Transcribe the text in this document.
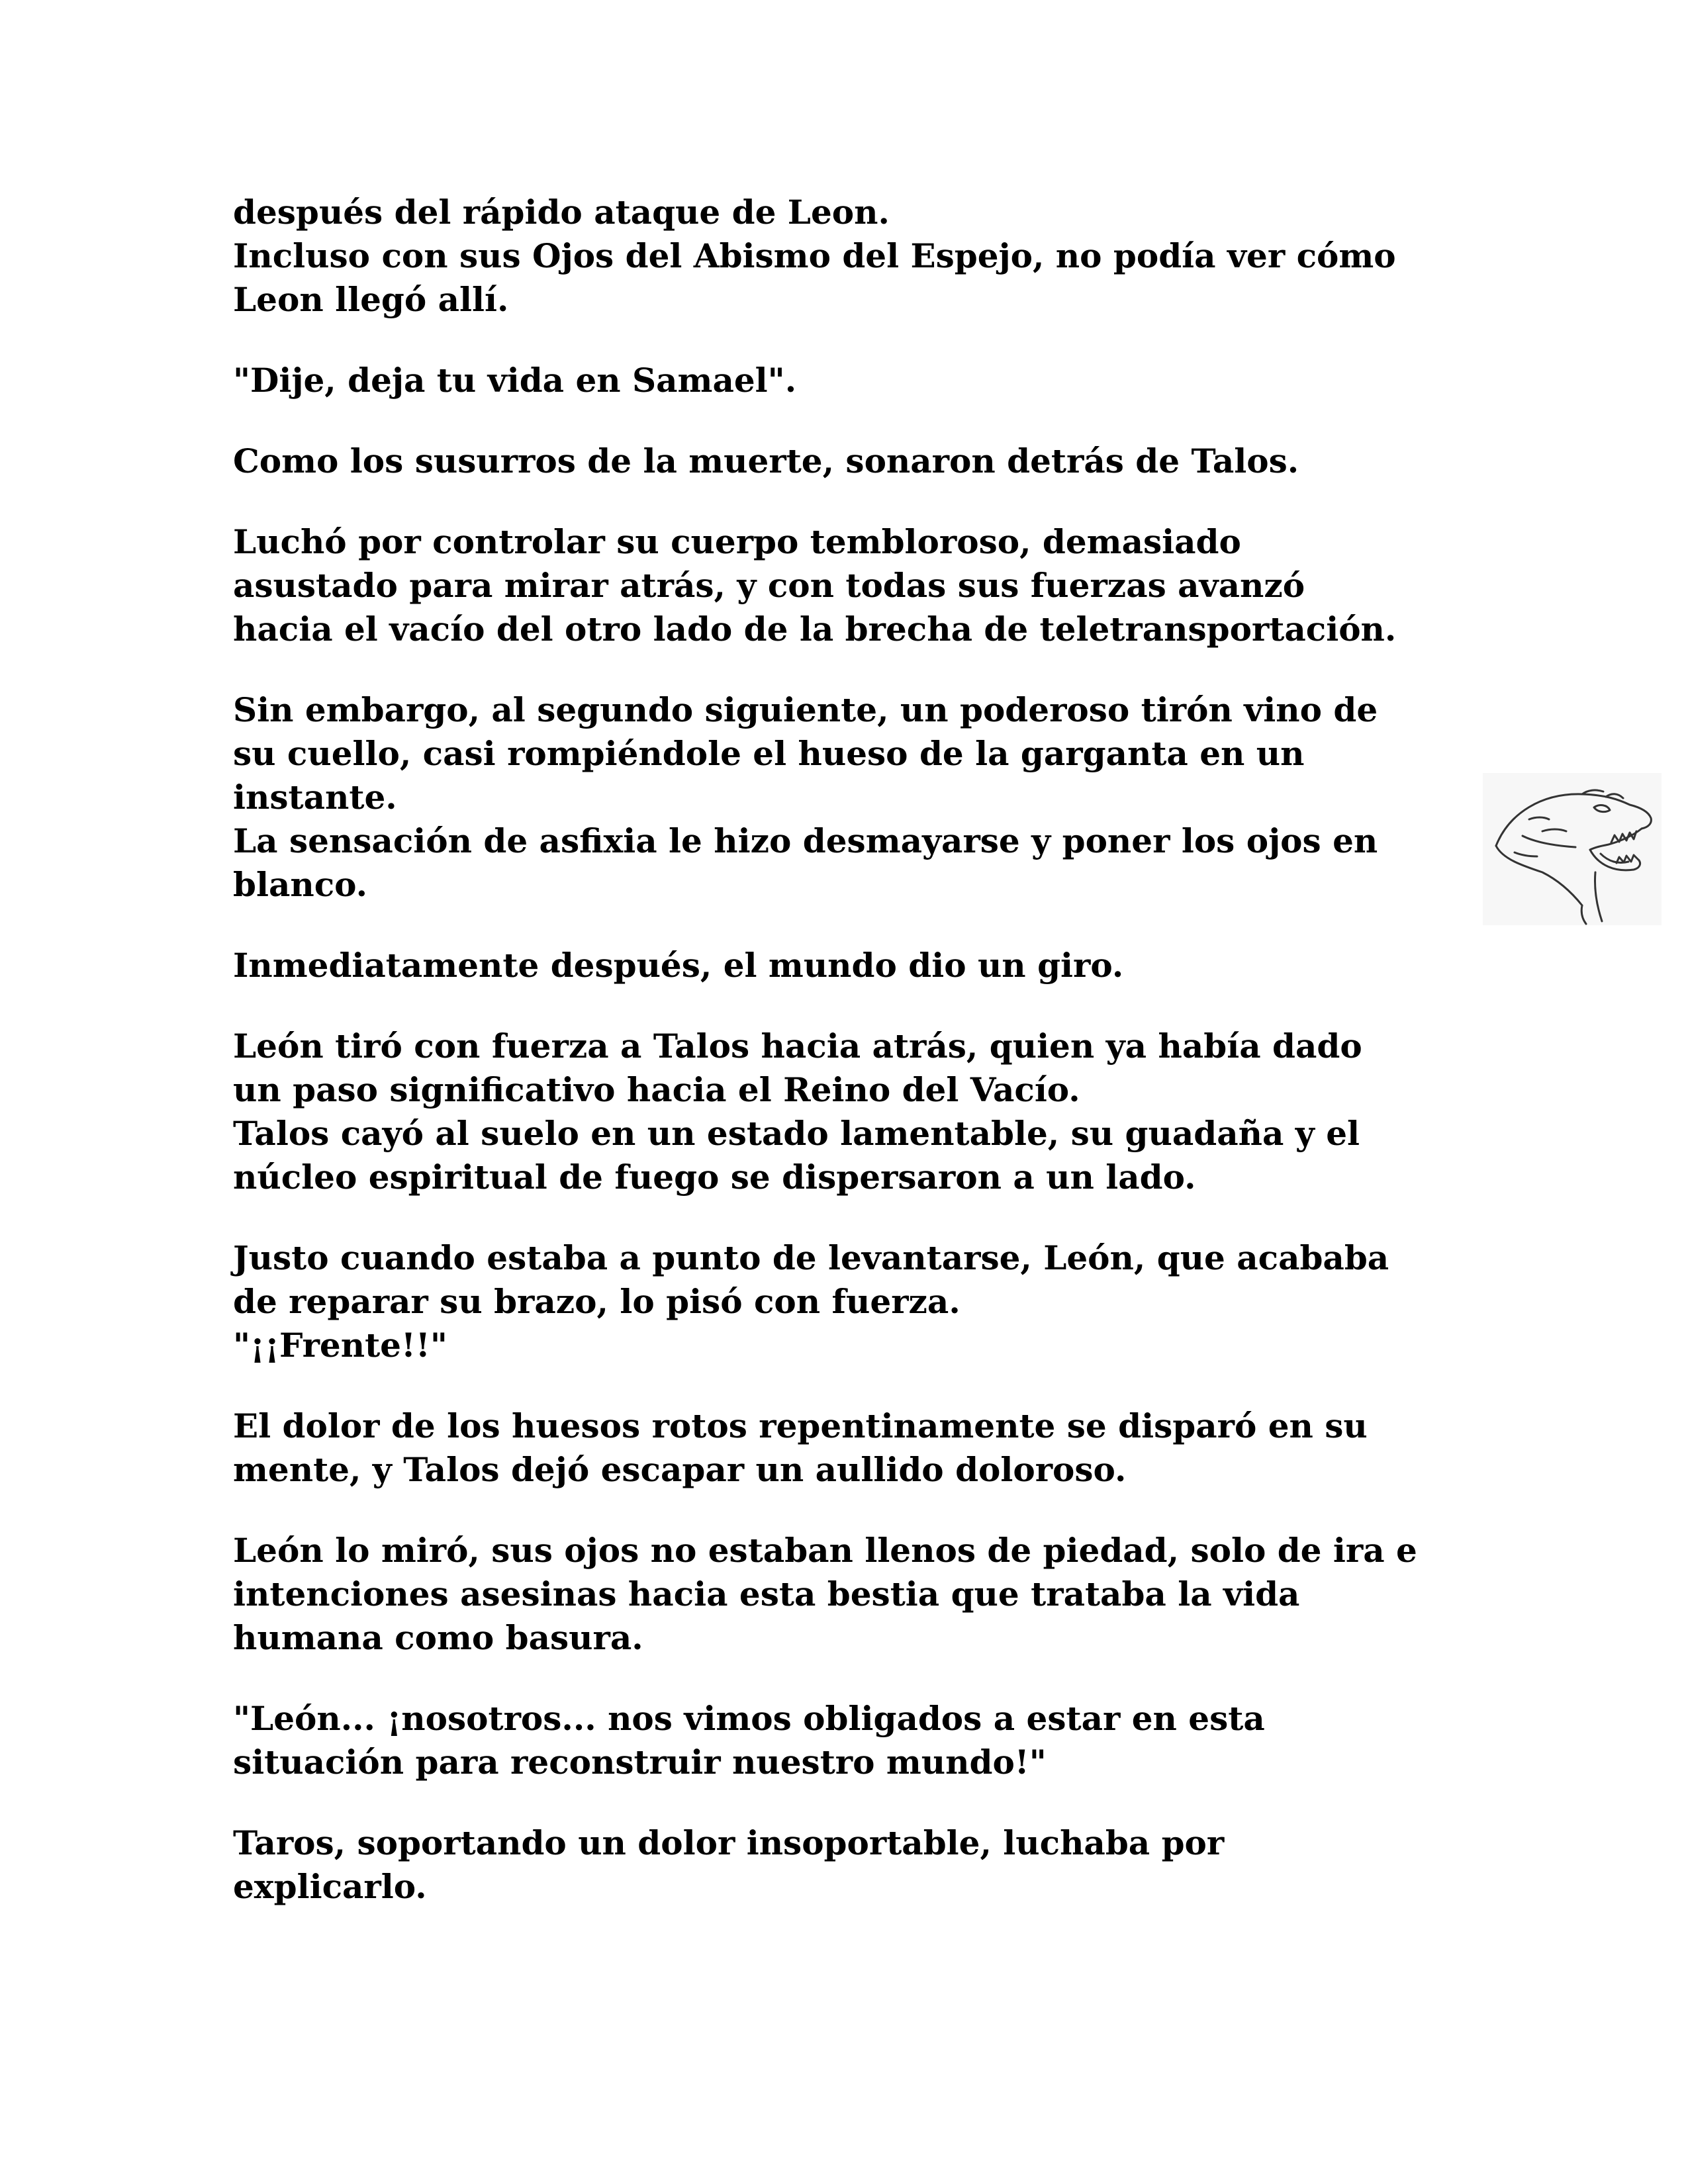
después del rápido ataque de Leon.
Incluso con sus Ojos del Abismo del Espejo, no podía ver cómo
Leon llegó allí.
"Dije, deja tu vida en Samael".
Como los susurros de la muerte, sonaron detrás de Talos.
Luchó por controlar su cuerpo tembloroso, demasiado
asustado para mirar atrás, y con todas sus fuerzas avanzó
hacia el vacío del otro lado de la brecha de teletransportación.
Sin embargo, al segundo siguiente, un poderoso tirón vino de
su cuello, casi rompiéndole el hueso de la garganta en un
instante.
La sensación de asfixia le hizo desmayarse y poner los ojos en
blanco.
Inmediatamente después, el mundo dio un giro.
León tiró con fuerza a Talos hacia atrás, quien ya había dado
un paso significativo hacia el Reino del Vacío.
Talos cayó al suelo en un estado lamentable, su guadaña y el
núcleo espiritual de fuego se dispersaron a un lado.
Justo cuando estaba a punto de levantarse, León, que acababa
de reparar su brazo, lo pisó con fuerza.
"¡¡Frente!!"
El dolor de los huesos rotos repentinamente se disparó en su
mente, y Talos dejó escapar un aullido doloroso.
León lo miró, sus ojos no estaban llenos de piedad, solo de ira e
intenciones asesinas hacia esta bestia que trataba la vida
humana como basura.
"León... ¡nosotros... nos vimos obligados a estar en esta
situación para reconstruir nuestro mundo!"
Taros, soportando un dolor insoportable, luchaba por
explicarlo.
